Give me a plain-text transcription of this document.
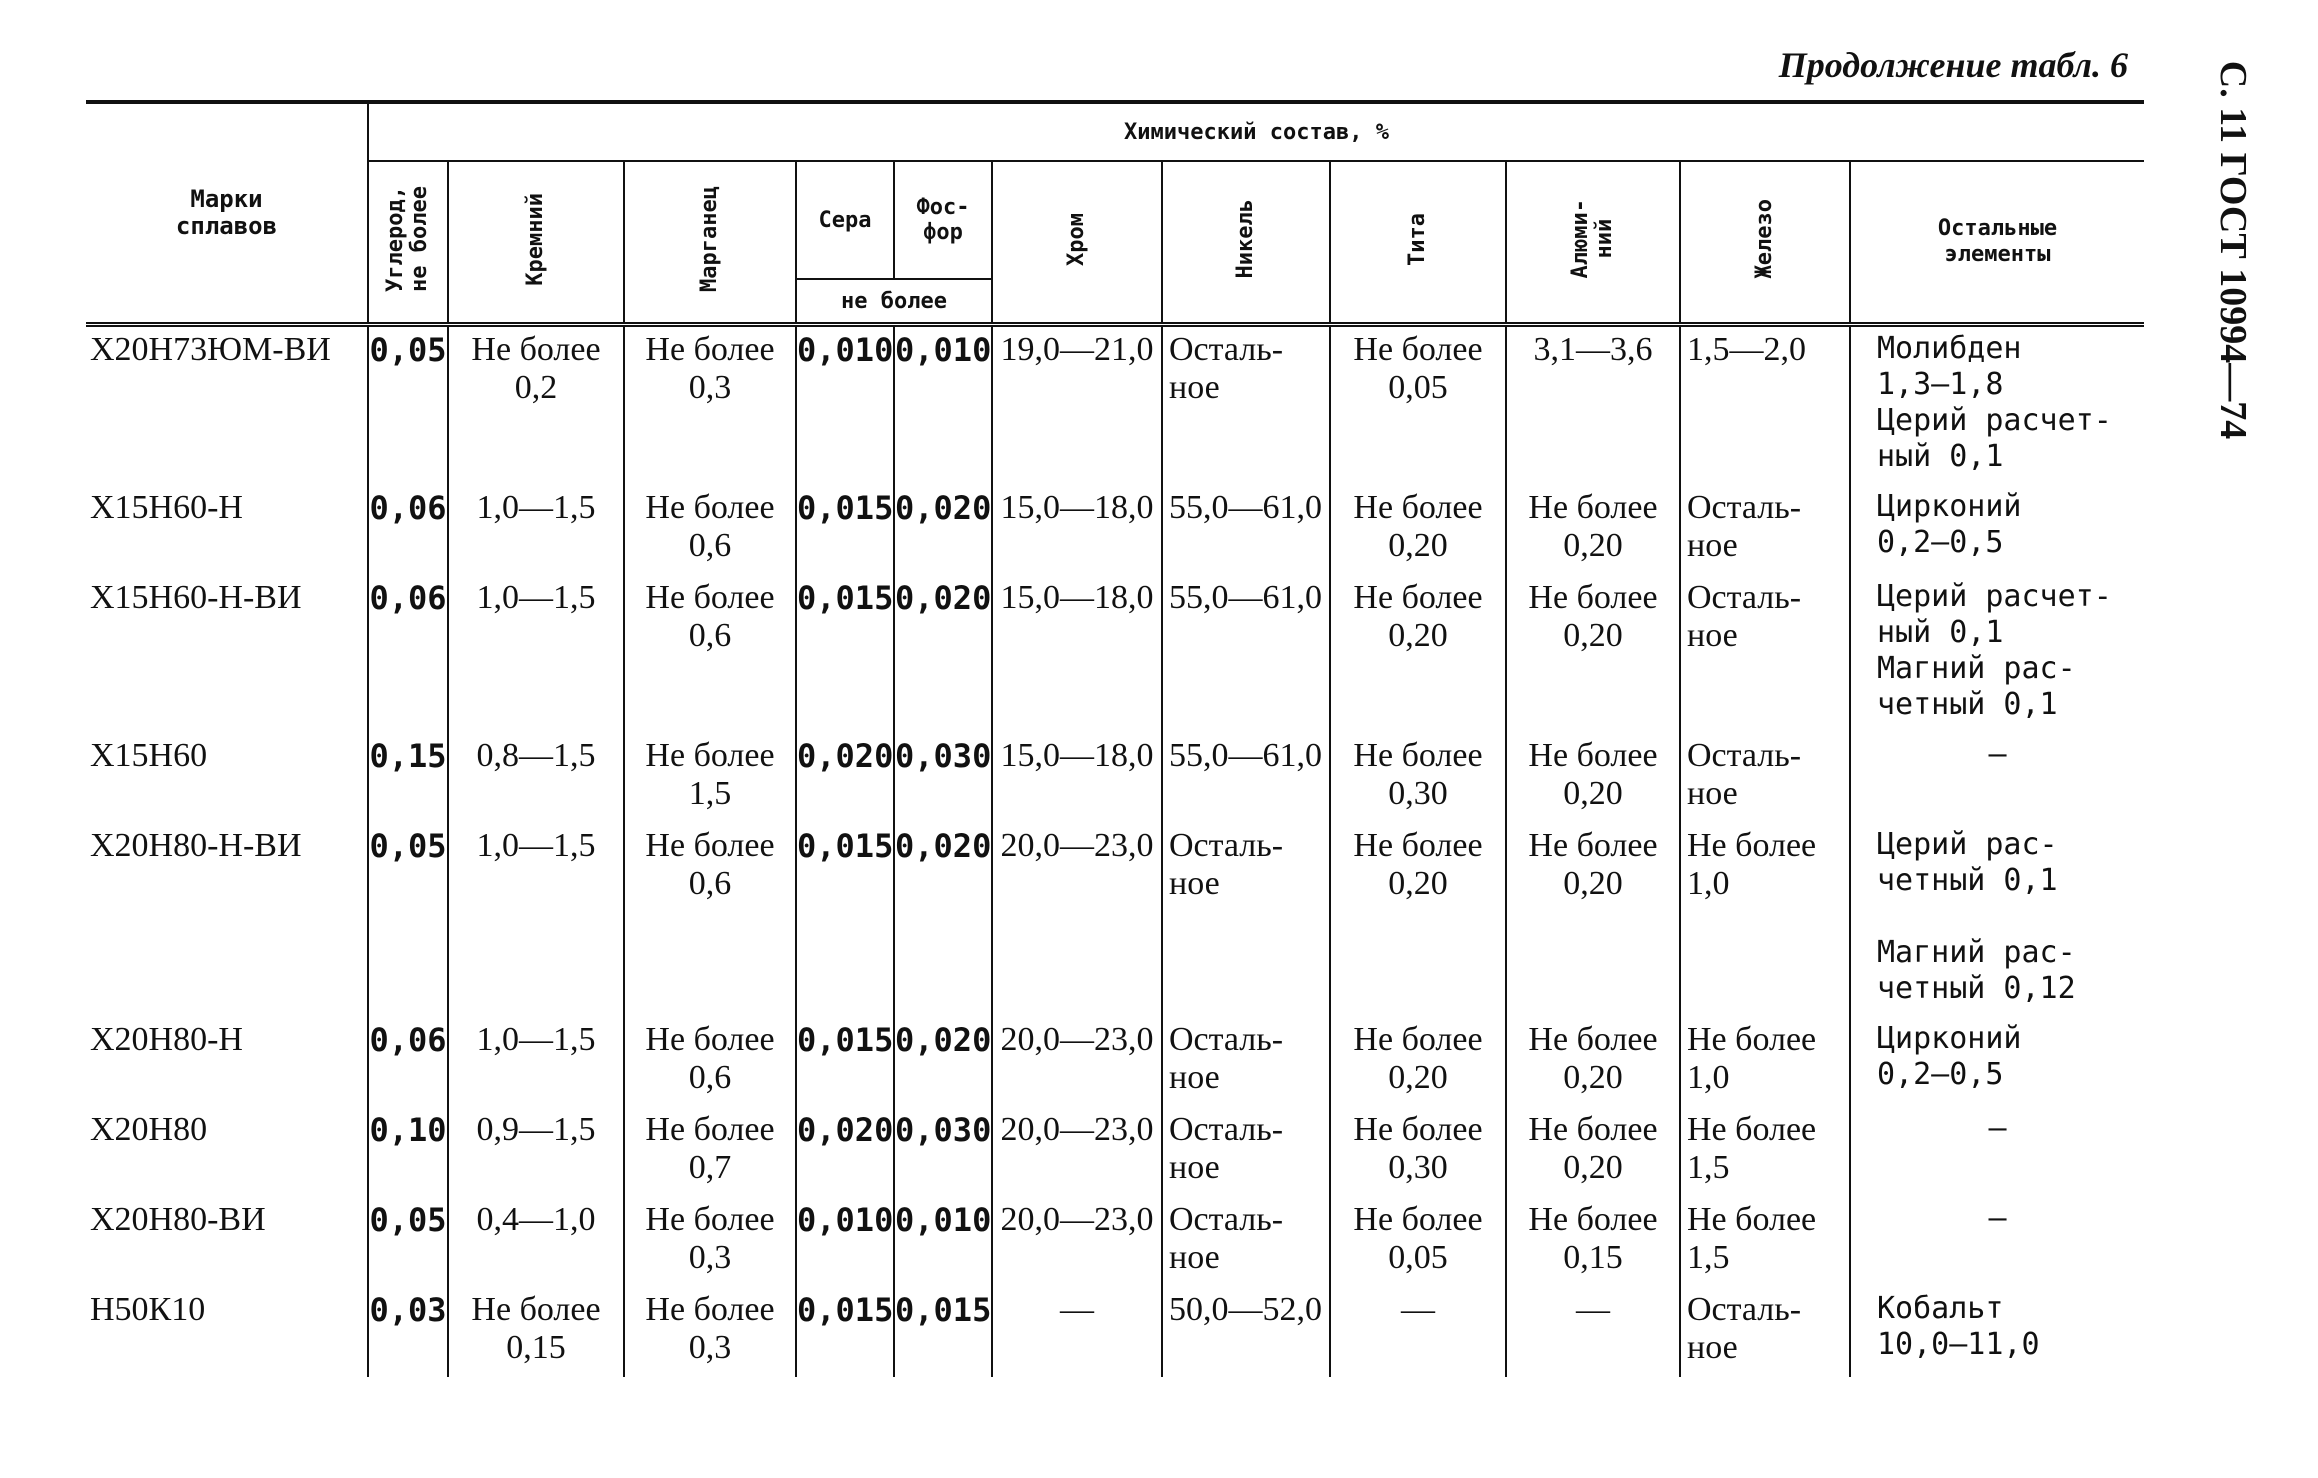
Продолжение табл. 6 С. 11 ГОСТ 10994—74
Марки
сплавов	Химический состав, %										
	Углерод,
не более	Кремний	Марганец	Сера	Фос-
фор	Хром	Никель	Тита	Алюми-
ний	Железо	Остальные
элементы
				не более							
Х20Н73ЮМ-ВИ	0,05	Не более
0,2	Не более
0,3	0,010	0,010	19,0—21,0	Осталь-
ное	Не более
0,05	3,1—3,6	1,5—2,0	Молибден
1,3—1,8
Церий расчет-
ный 0,1
Х15Н60-Н	0,06	1,0—1,5	Не более
0,6	0,015	0,020	15,0—18,0	55,0—61,0	Не более
0,20	Не более
0,20	Осталь-
ное	Цирконий
0,2—0,5
Х15Н60-Н-ВИ	0,06	1,0—1,5	Не более
0,6	0,015	0,020	15,0—18,0	55,0—61,0	Не более
0,20	Не более
0,20	Осталь-
ное	Церий расчет-
ный 0,1
Магний рас-
четный 0,1
Х15Н60	0,15	0,8—1,5	Не более
1,5	0,020	0,030	15,0—18,0	55,0—61,0	Не более
0,30	Не более
0,20	Осталь-
ное	—
Х20Н80-Н-ВИ	0,05	1,0—1,5	Не более
0,6	0,015	0,020	20,0—23,0	Осталь-
ное	Не более
0,20	Не более
0,20	Не более
1,0	Церий рас-
четный 0,1

Магний рас-
четный 0,12
Х20Н80-Н	0,06	1,0—1,5	Не более
0,6	0,015	0,020	20,0—23,0	Осталь-
ное	Не более
0,20	Не более
0,20	Не более
1,0	Цирконий
0,2—0,5
Х20Н80	0,10	0,9—1,5	Не более
0,7	0,020	0,030	20,0—23,0	Осталь-
ное	Не более
0,30	Не более
0,20	Не более
1,5	—
Х20Н80-ВИ	0,05	0,4—1,0	Не более
0,3	0,010	0,010	20,0—23,0	Осталь-
ное	Не более
0,05	Не более
0,15	Не более
1,5	—
Н50К10	0,03	Не более
0,15	Не более
0,3	0,015	0,015	—	50,0—52,0	—	—	Осталь-
ное	Кобальт
10,0—11,0
